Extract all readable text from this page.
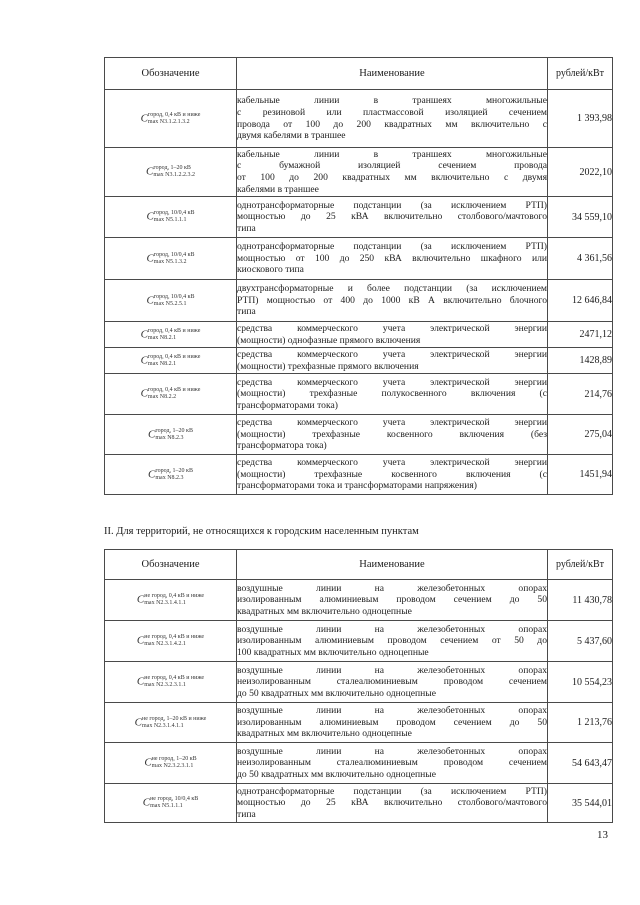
Обозначение	Наименование	рублей/кВт
Cгород, 0,4 кВ и ниже
max N3.1.2.1.3.2	кабельные линии в траншеях многожильные
с резиновой или пластмассовой изоляцией сечением
провода от 100 до 200 квадратных мм включительно с
двумя кабелями в траншее	1 393,98
Cгород, 1–20 кВ
max N3.1.2.2.3.2	кабельные линии в траншеях многожильные
с бумажной изоляцией сечением провода
от 100 до 200 квадратных мм включительно с двумя
кабелями в траншее	2022,10
Cгород, 10/0,4 кВ
max N5.1.1.1	однотрансформаторные подстанции (за исключением РТП)
мощностью до 25 кВА включительно столбового/мачтового
типа	34 559,10
Cгород, 10/0,4 кВ
max N5.1.3.2	однотрансформаторные подстанции (за исключением РТП)
мощностью от 100 до 250 кВА включительно шкафного или
киоскового типа	4 361,56
Cгород, 10/0,4 кВ
max N5.2.5.1	двухтрансформаторные и более подстанции (за исключением
РТП) мощностью от 400 до 1000 кВ А включительно блочного
типа	12 646,84
Cгород, 0,4 кВ и ниже
max N8.2.1	средства коммерческого учета электрической энергии
(мощности) однофазные прямого включения	2471,12
Cгород, 0,4 кВ и ниже
max N8.2.1	средства коммерческого учета электрической энергии
(мощности) трехфазные прямого включения	1428,89
Cгород, 0,4 кВ и ниже
max N8.2.2	средства коммерческого учета электрической энергии
(мощности) трехфазные полукосвенного включения (с
трансформаторами тока)	214,76
Cгород, 1–20 кВ
max N8.2.3	средства коммерческого учета электрической энергии
(мощности) трехфазные косвенного включения (без
трансформатора тока)	275,04
Cгород, 1–20 кВ
max N8.2.3	средства коммерческого учета электрической энергии
(мощности) трехфазные косвенного включения (с
трансформаторами тока и трансформаторами напряжения)	1451,94
II. Для территорий, не относящихся к городским населенным пунктам
Обозначение	Наименование	рублей/кВт
Cне город, 0,4 кВ и ниже
max N2.3.1.4.1.1	воздушные линии на железобетонных опорах
изолированным алюминиевым проводом сечением до 50
квадратных мм включительно одноцепные	11 430,78
Cне город, 0,4 кВ и ниже
max N2.3.1.4.2.1	воздушные линии на железобетонных опорах
изолированным алюминиевым проводом сечением от 50 до
100 квадратных мм включительно одноцепные	5 437,60
Cне город, 0,4 кВ и ниже
max N2.3.2.3.1.1	воздушные линии на железобетонных опорах
неизолированным сталеалюминиевым проводом сечением
до 50 квадратных мм включительно одноцепные	10 554,23
Cне город, 1–20 кВ и ниже
max N2.3.1.4.1.1	воздушные линии на железобетонных опорах
изолированным алюминиевым проводом сечением до 50
квадратных мм включительно одноцепные	1 213,76
Cне город, 1–20 кВ
max N2.3.2.3.1.1	воздушные линии на железобетонных опорах
неизолированным сталеалюминиевым проводом сечением
до 50 квадратных мм включительно одноцепные	54 643,47
Cне город, 10/0,4 кВ
max N5.1.1.1	однотрансформаторные подстанции (за исключением РТП)
мощностью до 25 кВА включительно столбового/мачтового
типа	35 544,01
13
